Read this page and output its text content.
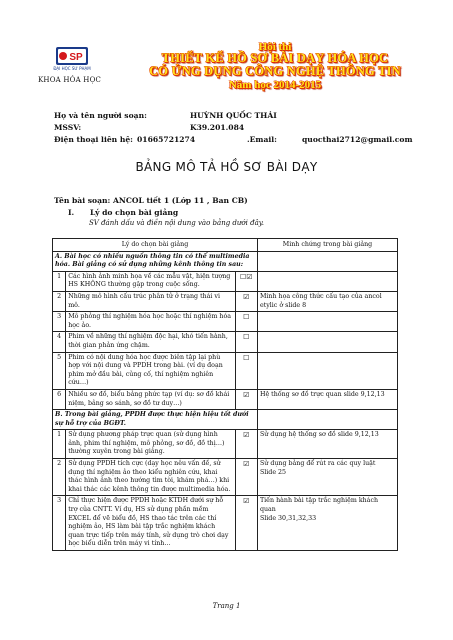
SP
ĐẠI HỌC SƯ PHẠM
KHOA HÓA HỌC
Hội thi
THIẾT KẾ HỒ SƠ BÀI DẠY HÓA HỌC
CÓ ỨNG DỤNG CÔNG NGHỆ THÔNG TIN
Năm học 2014-2015
Họ và tên người soạn:	HUỲNH QUỐC THÁI
MSSV:	K39.201.084
Điện thoại liên hệ: 01665721274	.Email:	quocthai2712@gmail.com
BẢNG MÔ TẢ HỒ SƠ BÀI DẠY
Tên bài soạn: ANCOL tiết 1 (Lớp 11 , Ban CB)
I. Lý do chọn bài giảng
SV đánh dấu và điền nội dung vào bảng dưới đây.
Lý do chọn bài giảng			Minh chứng trong bài giảng
A. Bài học có nhiều nguồn thông tin có thể multimedia hóa. Bài giảng có sử dụng những kênh thông tin sau:			
1	Các hình ảnh minh họa về các mẫu vật, hiện tượng HS KHÔNG thường gặp trong cuộc sống.	☐☑	
2	Những mô hình cấu trúc phân tử ở trạng thái vi mô.	☑	Minh họa công thức cấu tạo của ancol etylic ở slide 8
3	Mô phỏng thí nghiệm hóa học hoặc thí nghiệm hóa học ảo.	☐	
4	Phim về những thí nghiệm độc hại, khó tiến hành, thời gian phản ứng chậm.	☐	
5	Phim có nội dung hóa học được biên tập lại phù hợp với nội dung và PPDH trong bài. (ví dụ đoạn phim mở đầu bài, củng cố, thí nghiệm nghiên cứu…)	☐	
6	Nhiều sơ đồ, biểu bảng phức tạp (ví dụ: sơ đồ khái niệm, bảng so sánh, sơ đồ tư duy…)	☑	Hệ thống sơ đồ trực quan slide 9,12,13
B. Trong bài giảng, PPDH được thực hiện hiệu tốt dưới sự hỗ trợ của BGĐT.			
1	Sử dụng phương pháp trực quan (sử dụng hình ảnh, phim thí nghiệm, mô phỏng, sơ đồ, đồ thị…) thường xuyên trong bài giảng.	☑	Sử dụng hệ thống sơ đồ slide 9,12,13
2	Sử dụng PPDH tích cực (dạy học nêu vấn đề, sử dụng thí nghiệm ảo theo kiểu nghiên cứu, khai thác hình ảnh theo hướng tìm tòi, khám phá…) khi khai thác các kênh thông tin được multimedia hóa.	☑	Sử dụng bảng để rút ra các quy luật
Slide 25
3	Chỉ thực hiện được PPDH hoặc KTDH dưới sự hỗ trợ của CNTT. Ví dụ, HS sử dụng phần mềm EXCEL để vẽ biểu đồ, HS thao tác trên các thí nghiệm ảo, HS làm bài tập trắc nghiệm khách quan trực tiếp trên máy tính, sử dụng trò chơi dạy học biểu diễn trên máy vi tính…	☑	Tiến hành bài tập trắc nghiệm khách quan
Slide 30,31,32,33
Trang 1
